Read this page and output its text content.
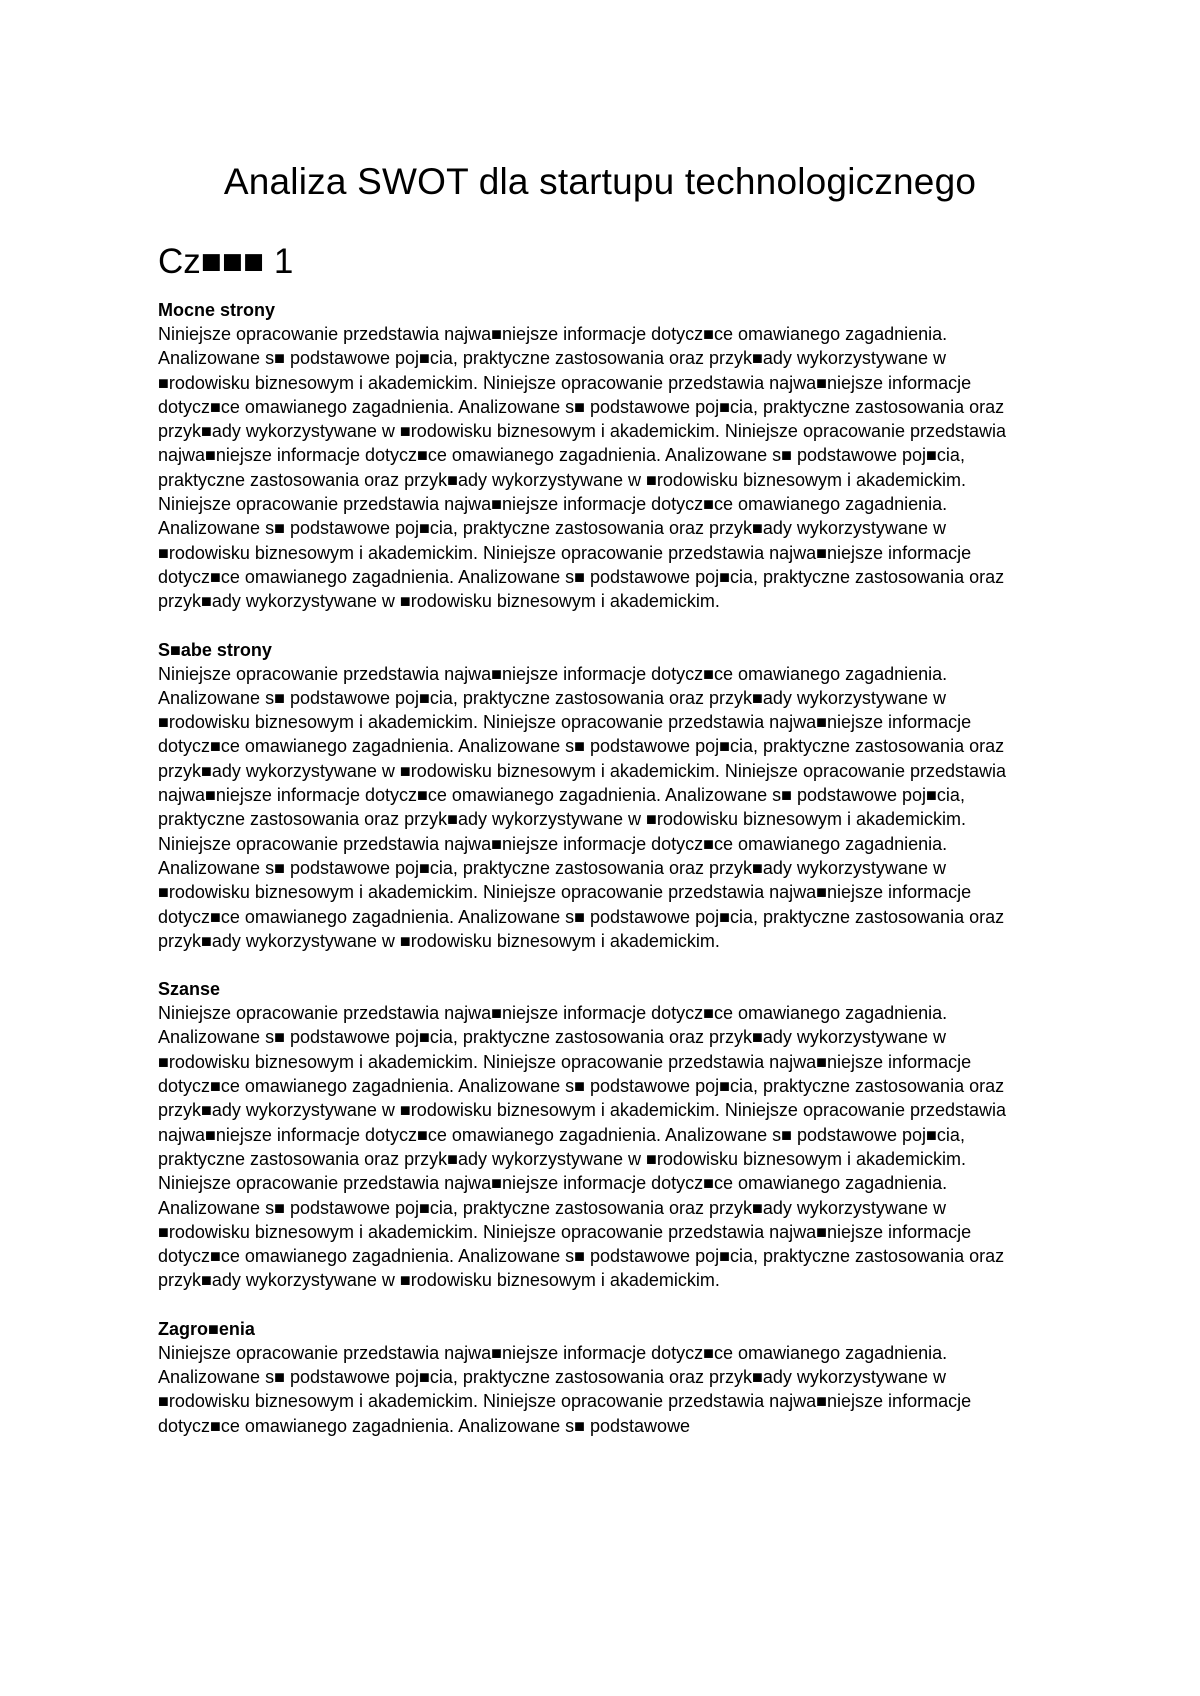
Analiza SWOT dla startupu technologicznego
Cz■■■ 1
Mocne strony

Niniejsze opracowanie przedstawia najwa■niejsze informacje dotycz■ce omawianego zagadnienia. Analizowane s■ podstawowe poj■cia, praktyczne zastosowania oraz przyk■ady wykorzystywane w ■rodowisku biznesowym i akademickim. Niniejsze opracowanie przedstawia najwa■niejsze informacje dotycz■ce omawianego zagadnienia. Analizowane s■ podstawowe poj■cia, praktyczne zastosowania oraz przyk■ady wykorzystywane w ■rodowisku biznesowym i akademickim. Niniejsze opracowanie przedstawia najwa■niejsze informacje dotycz■ce omawianego zagadnienia. Analizowane s■ podstawowe poj■cia, praktyczne zastosowania oraz przyk■ady wykorzystywane w ■rodowisku biznesowym i akademickim. Niniejsze opracowanie przedstawia najwa■niejsze informacje dotycz■ce omawianego zagadnienia. Analizowane s■ podstawowe poj■cia, praktyczne zastosowania oraz przyk■ady wykorzystywane w ■rodowisku biznesowym i akademickim. Niniejsze opracowanie przedstawia najwa■niejsze informacje dotycz■ce omawianego zagadnienia. Analizowane s■ podstawowe poj■cia, praktyczne zastosowania oraz przyk■ady wykorzystywane w ■rodowisku biznesowym i akademickim.

S■abe strony

Niniejsze opracowanie przedstawia najwa■niejsze informacje dotycz■ce omawianego zagadnienia. Analizowane s■ podstawowe poj■cia, praktyczne zastosowania oraz przyk■ady wykorzystywane w ■rodowisku biznesowym i akademickim. Niniejsze opracowanie przedstawia najwa■niejsze informacje dotycz■ce omawianego zagadnienia. Analizowane s■ podstawowe poj■cia, praktyczne zastosowania oraz przyk■ady wykorzystywane w ■rodowisku biznesowym i akademickim. Niniejsze opracowanie przedstawia najwa■niejsze informacje dotycz■ce omawianego zagadnienia. Analizowane s■ podstawowe poj■cia, praktyczne zastosowania oraz przyk■ady wykorzystywane w ■rodowisku biznesowym i akademickim. Niniejsze opracowanie przedstawia najwa■niejsze informacje dotycz■ce omawianego zagadnienia. Analizowane s■ podstawowe poj■cia, praktyczne zastosowania oraz przyk■ady wykorzystywane w ■rodowisku biznesowym i akademickim. Niniejsze opracowanie przedstawia najwa■niejsze informacje dotycz■ce omawianego zagadnienia. Analizowane s■ podstawowe poj■cia, praktyczne zastosowania oraz przyk■ady wykorzystywane w ■rodowisku biznesowym i akademickim.

Szanse

Niniejsze opracowanie przedstawia najwa■niejsze informacje dotycz■ce omawianego zagadnienia. Analizowane s■ podstawowe poj■cia, praktyczne zastosowania oraz przyk■ady wykorzystywane w ■rodowisku biznesowym i akademickim. Niniejsze opracowanie przedstawia najwa■niejsze informacje dotycz■ce omawianego zagadnienia. Analizowane s■ podstawowe poj■cia, praktyczne zastosowania oraz przyk■ady wykorzystywane w ■rodowisku biznesowym i akademickim. Niniejsze opracowanie przedstawia najwa■niejsze informacje dotycz■ce omawianego zagadnienia. Analizowane s■ podstawowe poj■cia, praktyczne zastosowania oraz przyk■ady wykorzystywane w ■rodowisku biznesowym i akademickim. Niniejsze opracowanie przedstawia najwa■niejsze informacje dotycz■ce omawianego zagadnienia. Analizowane s■ podstawowe poj■cia, praktyczne zastosowania oraz przyk■ady wykorzystywane w ■rodowisku biznesowym i akademickim. Niniejsze opracowanie przedstawia najwa■niejsze informacje dotycz■ce omawianego zagadnienia. Analizowane s■ podstawowe poj■cia, praktyczne zastosowania oraz przyk■ady wykorzystywane w ■rodowisku biznesowym i akademickim.

Zagro■enia

Niniejsze opracowanie przedstawia najwa■niejsze informacje dotycz■ce omawianego zagadnienia. Analizowane s■ podstawowe poj■cia, praktyczne zastosowania oraz przyk■ady wykorzystywane w ■rodowisku biznesowym i akademickim. Niniejsze opracowanie przedstawia najwa■niejsze informacje dotycz■ce omawianego zagadnienia. Analizowane s■ podstawowe
